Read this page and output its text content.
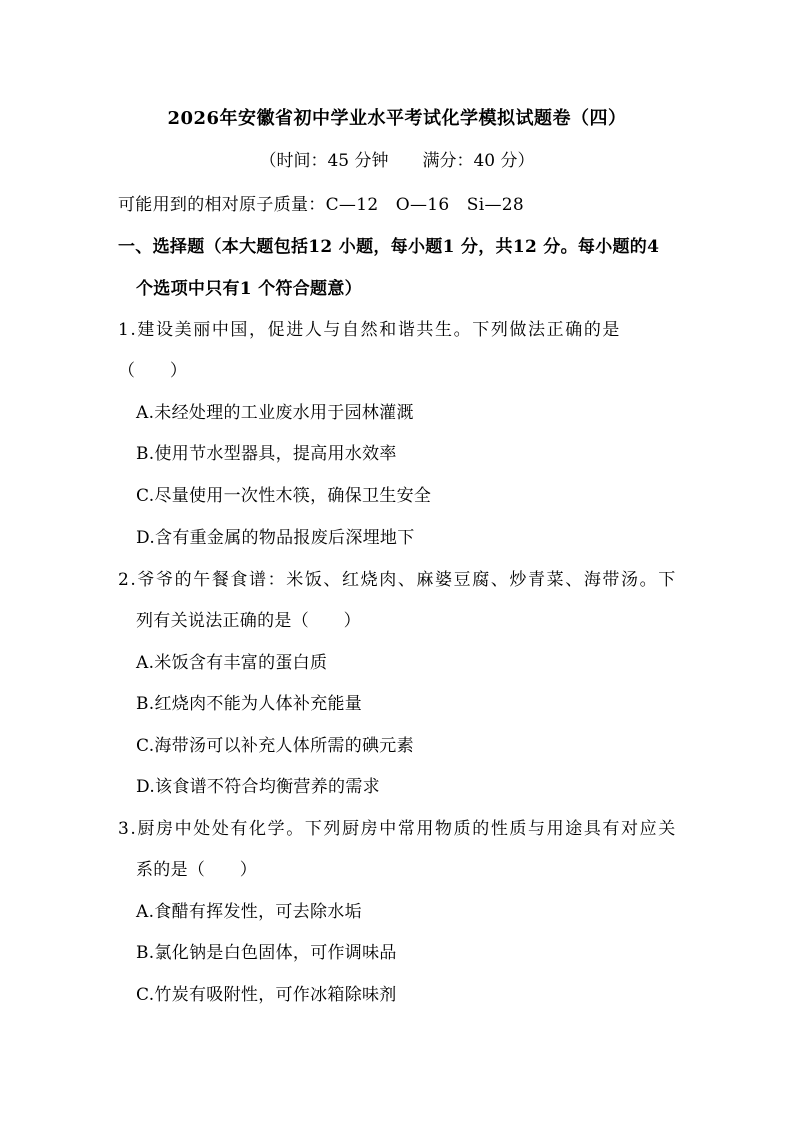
2026年安徽省初中学业水平考试化学模拟试题卷（四）
（时间：45 分钟　　满分：40 分）
可能用到的相对原子质量：C—12　O—16　Si—28
一、选择题（本大题包括12 小题，每小题1 分，共12 分。每小题的4
个选项中只有1 个符合题意）
1.建设美丽中国，促进人与自然和谐共生。下列做法正确的是
（　　）
A.未经处理的工业废水用于园林灌溉
B.使用节水型器具，提高用水效率
C.尽量使用一次性木筷，确保卫生安全
D.含有重金属的物品报废后深埋地下
2.爷爷的午餐食谱：米饭、红烧肉、麻婆豆腐、炒青菜、海带汤。下
列有关说法正确的是（　　）
A.米饭含有丰富的蛋白质
B.红烧肉不能为人体补充能量
C.海带汤可以补充人体所需的碘元素
D.该食谱不符合均衡营养的需求
3.厨房中处处有化学。下列厨房中常用物质的性质与用途具有对应关
系的是（　　）
A.食醋有挥发性，可去除水垢
B.氯化钠是白色固体，可作调味品
C.竹炭有吸附性，可作冰箱除味剂
